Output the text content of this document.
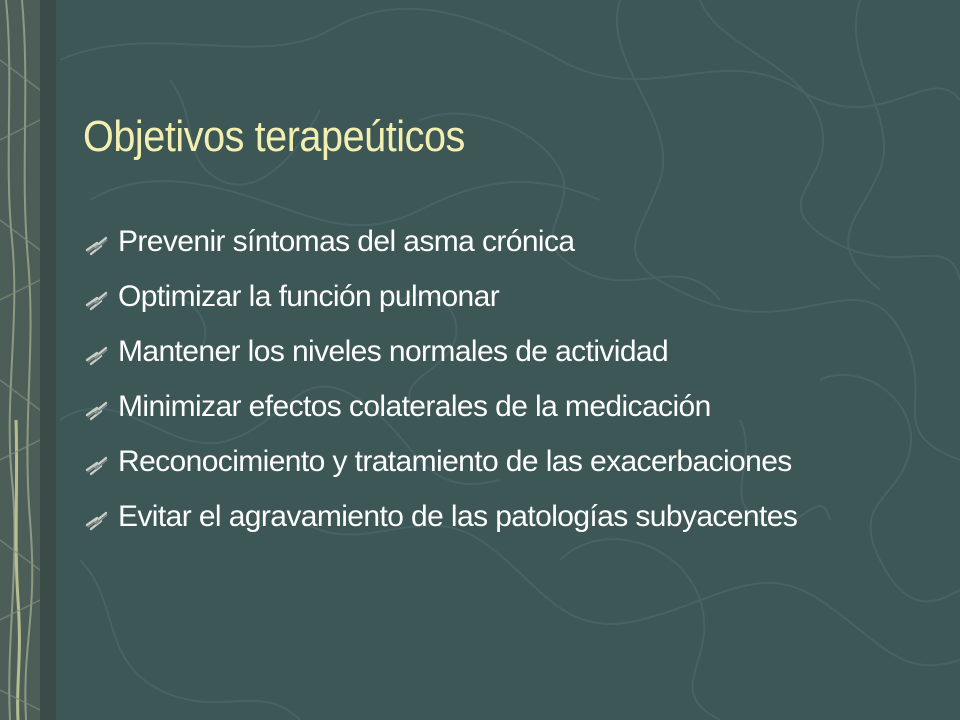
Objetivos terapeúticos
Prevenir síntomas del asma crónica
Optimizar la función pulmonar
Mantener los niveles normales de actividad
Minimizar efectos colaterales de la medicación
Reconocimiento y tratamiento de las exacerbaciones
Evitar el agravamiento de las patologías subyacentes
